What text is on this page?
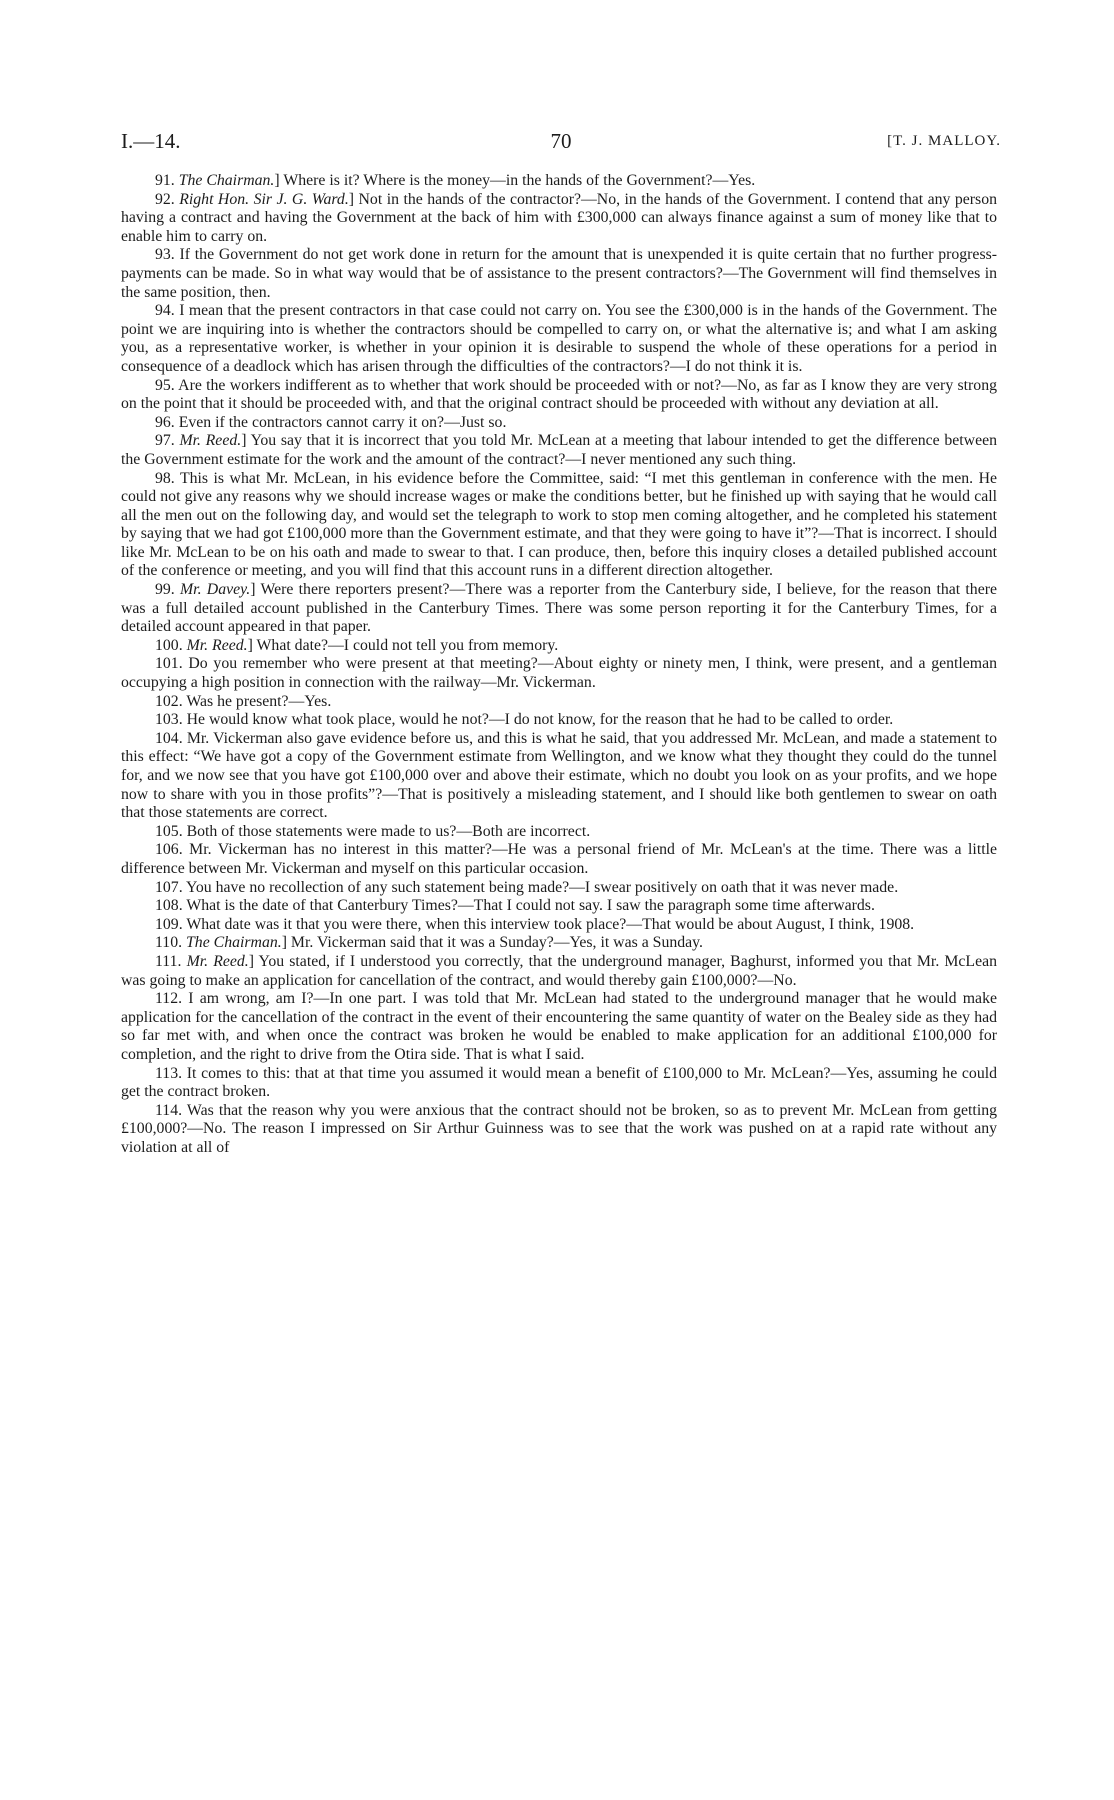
I.—14.	70	[T. J. MALLOY.

91. The Chairman.] Where is it? Where is the money—in the hands of the Government?—Yes.

92. Right Hon. Sir J. G. Ward.] Not in the hands of the contractor?—No, in the hands of the Government. I contend that any person having a contract and having the Government at the back of him with £300,000 can always finance against a sum of money like that to enable him to carry on.

93. If the Government do not get work done in return for the amount that is unexpended it is quite certain that no further progress-payments can be made. So in what way would that be of assistance to the present contractors?—The Government will find themselves in the same position, then.

94. I mean that the present contractors in that case could not carry on. You see the £300,000 is in the hands of the Government. The point we are inquiring into is whether the contractors should be compelled to carry on, or what the alternative is; and what I am asking you, as a representative worker, is whether in your opinion it is desirable to suspend the whole of these operations for a period in consequence of a deadlock which has arisen through the difficulties of the contractors?—I do not think it is.

95. Are the workers indifferent as to whether that work should be proceeded with or not?—No, as far as I know they are very strong on the point that it should be proceeded with, and that the original contract should be proceeded with without any deviation at all.

96. Even if the contractors cannot carry it on?—Just so.

97. Mr. Reed.] You say that it is incorrect that you told Mr. McLean at a meeting that labour intended to get the difference between the Government estimate for the work and the amount of the contract?—I never mentioned any such thing.

98. This is what Mr. McLean, in his evidence before the Committee, said: “I met this gentleman in conference with the men. He could not give any reasons why we should increase wages or make the conditions better, but he finished up with saying that he would call all the men out on the following day, and would set the telegraph to work to stop men coming altogether, and he completed his statement by saying that we had got £100,000 more than the Government estimate, and that they were going to have it”?—That is incorrect. I should like Mr. McLean to be on his oath and made to swear to that. I can produce, then, before this inquiry closes a detailed published account of the conference or meeting, and you will find that this account runs in a different direction altogether.

99. Mr. Davey.] Were there reporters present?—There was a reporter from the Canterbury side, I believe, for the reason that there was a full detailed account published in the Canterbury Times. There was some person reporting it for the Canterbury Times, for a detailed account appeared in that paper.

100. Mr. Reed.] What date?—I could not tell you from memory.

101. Do you remember who were present at that meeting?—About eighty or ninety men, I think, were present, and a gentleman occupying a high position in connection with the railway—Mr. Vickerman.

102. Was he present?—Yes.

103. He would know what took place, would he not?—I do not know, for the reason that he had to be called to order.

104. Mr. Vickerman also gave evidence before us, and this is what he said, that you addressed Mr. McLean, and made a statement to this effect: “We have got a copy of the Government estimate from Wellington, and we know what they thought they could do the tunnel for, and we now see that you have got £100,000 over and above their estimate, which no doubt you look on as your profits, and we hope now to share with you in those profits”?—That is positively a misleading statement, and I should like both gentlemen to swear on oath that those statements are correct.

105. Both of those statements were made to us?—Both are incorrect.

106. Mr. Vickerman has no interest in this matter?—He was a personal friend of Mr. McLean's at the time. There was a little difference between Mr. Vickerman and myself on this particular occasion.

107. You have no recollection of any such statement being made?—I swear positively on oath that it was never made.

108. What is the date of that Canterbury Times?—That I could not say. I saw the paragraph some time afterwards.

109. What date was it that you were there, when this interview took place?—That would be about August, I think, 1908.

110. The Chairman.] Mr. Vickerman said that it was a Sunday?—Yes, it was a Sunday.

111. Mr. Reed.] You stated, if I understood you correctly, that the underground manager, Baghurst, informed you that Mr. McLean was going to make an application for cancellation of the contract, and would thereby gain £100,000?—No.

112. I am wrong, am I?—In one part. I was told that Mr. McLean had stated to the underground manager that he would make application for the cancellation of the contract in the event of their encountering the same quantity of water on the Bealey side as they had so far met with, and when once the contract was broken he would be enabled to make application for an additional £100,000 for completion, and the right to drive from the Otira side. That is what I said.

113. It comes to this: that at that time you assumed it would mean a benefit of £100,000 to Mr. McLean?—Yes, assuming he could get the contract broken.

114. Was that the reason why you were anxious that the contract should not be broken, so as to prevent Mr. McLean from getting £100,000?—No. The reason I impressed on Sir Arthur Guinness was to see that the work was pushed on at a rapid rate without any violation at all of
